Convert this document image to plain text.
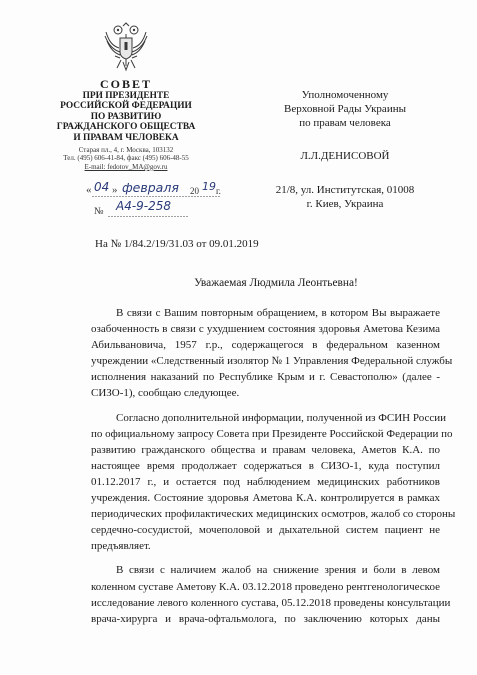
СОВЕТ
ПРИ ПРЕЗИДЕНТЕ
РОССИЙСКОЙ ФЕДЕРАЦИИ
ПО РАЗВИТИЮ
ГРАЖДАНСКОГО ОБЩЕСТВА
И ПРАВАМ ЧЕЛОВЕКА
Старая пл., 4, г. Москва, 103132
Тел. (495) 606-41-84, факс (495) 606-48-55
E-mail: fedotov_MA@gov.ru
« 04 » февраля 20 19 г.
№ А4-9-258
Уполномоченному
Верховной Рады Украины
по правам человека
Л.Л.ДЕНИСОВОЙ
21/8, ул. Институтская, 01008
г. Киев, Украина
На № 1/84.2/19/31.03 от 09.01.2019
Уважаемая Людмила Леонтьевна!
В связи с Вашим повторным обращением, в котором Вы выражаете
озабоченность в связи с ухудшением состояния здоровья Аметова Кезима
Абильвановича, 1957 г.р., содержащегося в федеральном казенном
учреждении «Следственный изолятор № 1 Управления Федеральной службы
исполнения наказаний по Республике Крым и г. Севастополю» (далее -
СИЗО-1), сообщаю следующее.
Согласно дополнительной информации, полученной из ФСИН России
по официальному запросу Совета при Президенте Российской Федерации по
развитию гражданского общества и правам человека, Аметов К.А. по
настоящее время продолжает содержаться в СИЗО-1, куда поступил
01.12.2017 г., и остается под наблюдением медицинских работников
учреждения. Состояние здоровья Аметова К.А. контролируется в рамках
периодических профилактических медицинских осмотров, жалоб со стороны
сердечно-сосудистой, мочеполовой и дыхательной систем пациент не
предъявляет.
В связи с наличием жалоб на снижение зрения и боли в левом
коленном суставе Аметову К.А. 03.12.2018 проведено рентгенологическое
исследование левого коленного сустава, 05.12.2018 проведены консультации
врача-хирурга и врача-офтальмолога, по заключению которых даны
